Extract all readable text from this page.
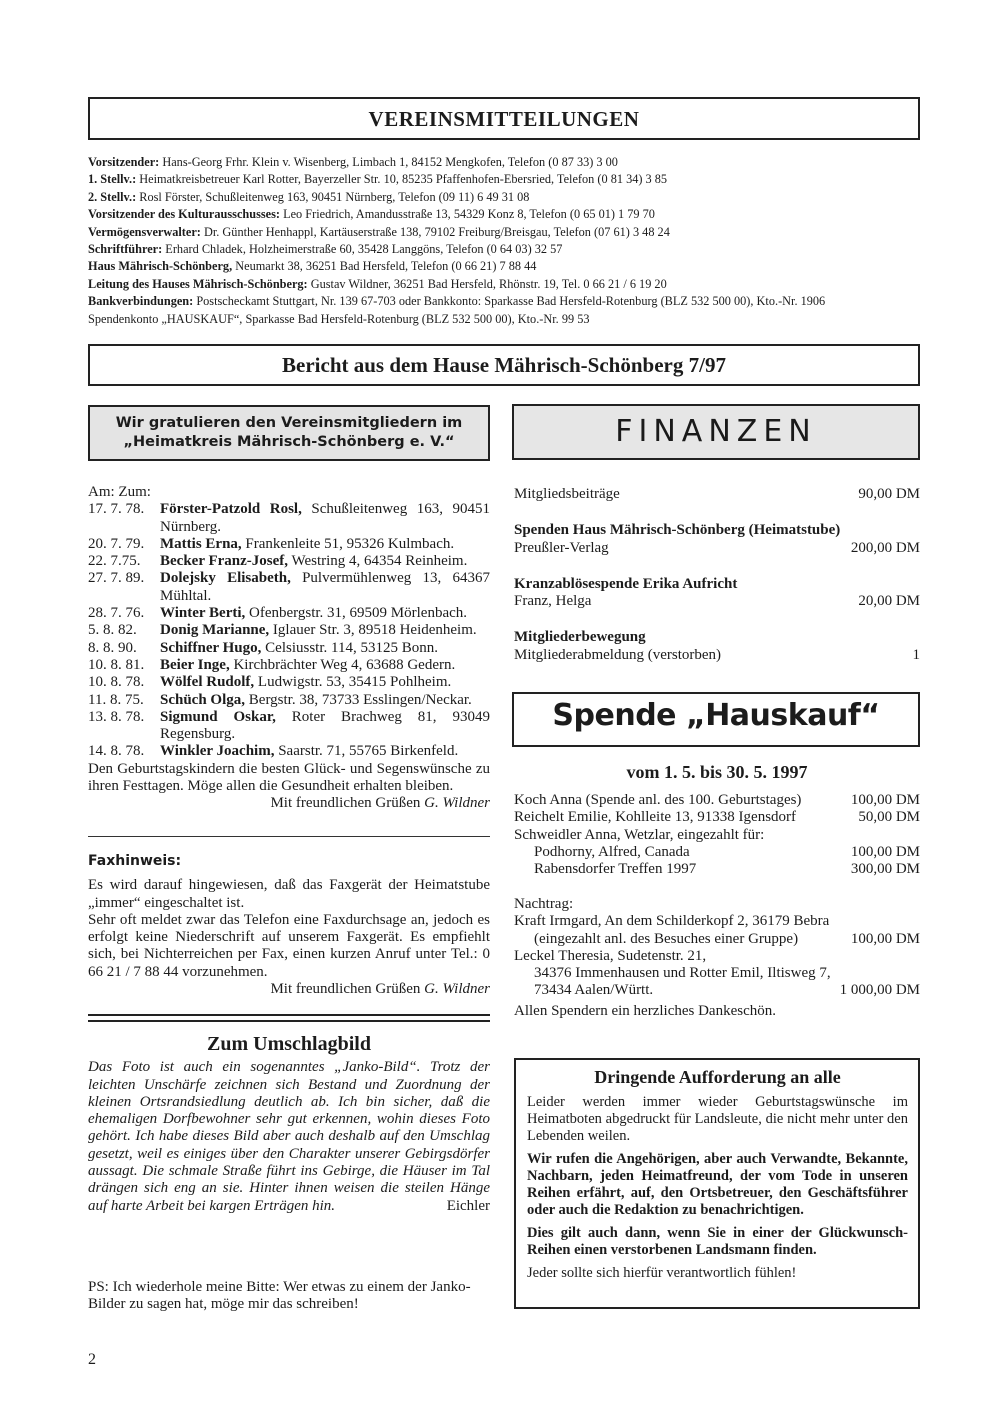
VEREINSMITTEILUNGEN
Vorsitzender: Hans-Georg Frhr. Klein v. Wisenberg, Limbach 1, 84152 Mengkofen, Telefon (0 87 33) 3 00
1. Stellv.: Heimatkreisbetreuer Karl Rotter, Bayerzeller Str. 10, 85235 Pfaffenhofen-Ebersried, Telefon (0 81 34) 3 85
2. Stellv.: Rosl Förster, Schußleitenweg 163, 90451 Nürnberg, Telefon (09 11) 6 49 31 08
Vorsitzender des Kulturausschusses: Leo Friedrich, Amandusstraße 13, 54329 Konz 8, Telefon (0 65 01) 1 79 70
Vermögensverwalter: Dr. Günther Henhappl, Kartäuserstraße 138, 79102 Freiburg/Breisgau, Telefon (07 61) 3 48 24
Schriftführer: Erhard Chladek, Holzheimerstraße 60, 35428 Langgöns, Telefon (0 64 03) 32 57
Haus Mährisch-Schönberg, Neumarkt 38, 36251 Bad Hersfeld, Telefon (0 66 21) 7 88 44
Leitung des Hauses Mährisch-Schönberg: Gustav Wildner, 36251 Bad Hersfeld, Rhönstr. 19, Tel. 0 66 21 / 6 19 20
Bankverbindungen: Postscheckamt Stuttgart, Nr. 139 67-703 oder Bankkonto: Sparkasse Bad Hersfeld-Rotenburg (BLZ 532 500 00), Kto.-Nr. 1906
Spendenkonto „HAUSKAUF“, Sparkasse Bad Hersfeld-Rotenburg (BLZ 532 500 00), Kto.-Nr. 99 53
Bericht aus dem Hause Mährisch-Schönberg 7/97
Wir gratulieren den Vereinsmitgliedern im
„Heimatkreis Mährisch-Schönberg e. V.“
Am: Zum:
17. 7. 78.	Förster-Patzold Rosl, Schußleitenweg 163, 90451 Nürnberg.
20. 7. 79.	Mattis Erna, Frankenleite 51, 95326 Kulmbach.
22. 7.75.	Becker Franz-Josef, Westring 4, 64354 Reinheim.
27. 7. 89.	Dolejsky Elisabeth, Pulvermühlenweg 13, 64367 Mühltal.
28. 7. 76.	Winter Berti, Ofenbergstr. 31, 69509 Mörlenbach.
5. 8. 82.	Donig Marianne, Iglauer Str. 3, 89518 Heidenheim.
8. 8. 90.	Schiffner Hugo, Celsiusstr. 114, 53125 Bonn.
10. 8. 81.	Beier Inge, Kirchbrächter Weg 4, 63688 Gedern.
10. 8. 78.	Wölfel Rudolf, Ludwigstr. 53, 35415 Pohlheim.
11. 8. 75.	Schüch Olga, Bergstr. 38, 73733 Esslingen/Neckar.
13. 8. 78.	Sigmund Oskar, Roter Brachweg 81, 93049 Regensburg.
14. 8. 78.	Winkler Joachim, Saarstr. 71, 55765 Birkenfeld.
Den Geburtstagskindern die besten Glück- und Segenswünsche zu ihren Festtagen. Möge allen die Gesundheit erhalten bleiben.
Mit freundlichen Grüßen G. Wildner
Faxhinweis:
Es wird darauf hingewiesen, daß das Faxgerät der Heimatstube „immer“ eingeschaltet ist.
Sehr oft meldet zwar das Telefon eine Faxdurchsage an, jedoch es erfolgt keine Niederschrift auf unserem Faxgerät. Es empfiehlt sich, bei Nichterreichen per Fax, einen kurzen Anruf unter Tel.: 0 66 21 / 7 88 44 vorzunehmen.
Mit freundlichen Grüßen G. Wildner
Zum Umschlagbild
Das Foto ist auch ein sogenanntes „Janko-Bild“. Trotz der leichten Unschärfe zeichnen sich Bestand und Zuordnung der kleinen Ortsrandsiedlung deutlich ab. Ich bin sicher, daß die ehemaligen Dorfbewohner sehr gut erkennen, wohin dieses Foto gehört. Ich habe dieses Bild aber auch deshalb auf den Umschlag gesetzt, weil es einiges über den Charakter unserer Gebirgsdörfer aussagt. Die schmale Straße führt ins Gebirge, die Häuser im Tal drängen sich eng an sie. Hinter ihnen weisen die steilen Hänge auf harte Arbeit bei kargen Erträgen hin.	Eichler
PS: Ich wiederhole meine Bitte: Wer etwas zu einem der Janko-Bilder zu sagen hat, möge mir das schreiben!
2
FINANZEN
Mitgliedsbeiträge	90,00 DM
Spenden Haus Mährisch-Schönberg (Heimatstube)
Preußler-Verlag	200,00 DM
Kranzablösespende Erika Aufricht
Franz, Helga	20,00 DM
Mitgliederbewegung
Mitgliederabmeldung (verstorben)	1
Spende „Hauskauf“
vom 1. 5. bis 30. 5. 1997
Koch Anna (Spende anl. des 100. Geburtstages)	100,00 DM
Reichelt Emilie, Kohlleite 13, 91338 Igensdorf	50,00 DM
Schweidler Anna, Wetzlar, eingezahlt für:
Podhorny, Alfred, Canada	100,00 DM
Rabensdorfer Treffen 1997	300,00 DM
Nachtrag:
Kraft Irmgard, An dem Schilderkopf 2, 36179 Bebra
(eingezahlt anl. des Besuches einer Gruppe)	100,00 DM
Leckel Theresia, Sudetenstr. 21,
34376 Immenhausen und Rotter Emil, Iltisweg 7,
73434 Aalen/Württ.	1 000,00 DM
Allen Spendern ein herzliches Dankeschön.
Dringende Aufforderung an alle

Leider werden immer wieder Geburtstagswünsche im Heimatboten abgedruckt für Landsleute, die nicht mehr unter den Lebenden weilen.

Wir rufen die Angehörigen, aber auch Verwandte, Bekannte, Nachbarn, jeden Heimatfreund, der vom Tode in unseren Reihen erfährt, auf, den Ortsbetreuer, den Geschäftsführer oder auch die Redaktion zu benachrichtigen.

Dies gilt auch dann, wenn Sie in einer der Glückwunsch-Reihen einen verstorbenen Landsmann finden.

Jeder sollte sich hierfür verantwortlich fühlen!
